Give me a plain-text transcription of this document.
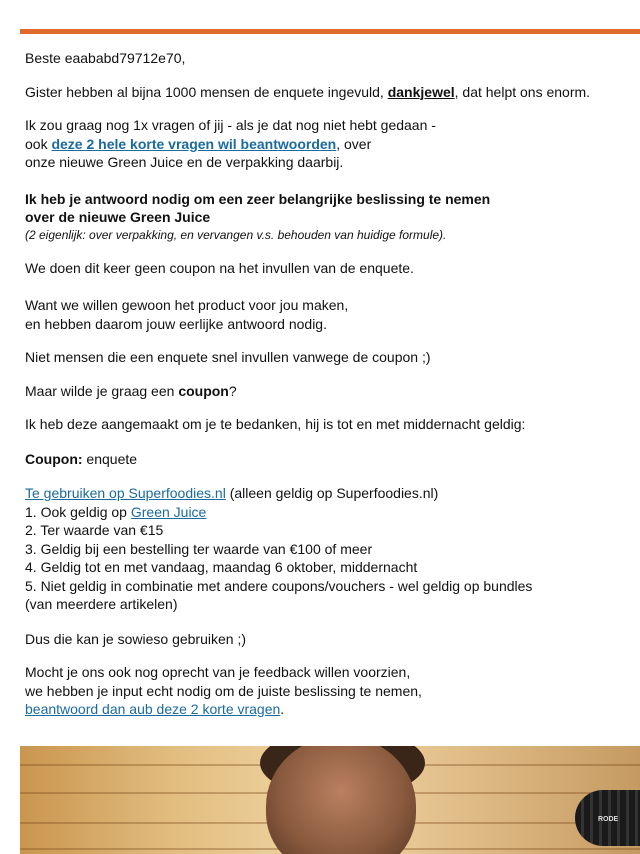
Beste eaababd79712e70,

Gister hebben al bijna 1000 mensen de enquete ingevuld, dankjewel, dat helpt ons enorm.

Ik zou graag nog 1x vragen of jij - als je dat nog niet hebt gedaan -
ook deze 2 hele korte vragen wil beantwoorden, over
onze nieuwe Green Juice en de verpakking daarbij.

Ik heb je antwoord nodig om een zeer belangrijke beslissing te nemen
over de nieuwe Green Juice

(2 eigenlijk: over verpakking, en vervangen v.s. behouden van huidige formule).

We doen dit keer geen coupon na het invullen van de enquete.

Want we willen gewoon het product voor jou maken,
en hebben daarom jouw eerlijke antwoord nodig.

Niet mensen die een enquete snel invullen vanwege de coupon ;)

Maar wilde je graag een coupon?

Ik heb deze aangemaakt om je te bedanken, hij is tot en met middernacht geldig:

Coupon: enquete

Te gebruiken op Superfoodies.nl (alleen geldig op Superfoodies.nl)
1. Ook geldig op Green Juice
2. Ter waarde van €15
3. Geldig bij een bestelling ter waarde van €100 of meer
4. Geldig tot en met vandaag, maandag 6 oktober, middernacht
5. Niet geldig in combinatie met andere coupons/vouchers - wel geldig op bundles
(van meerdere artikelen)

Dus die kan je sowieso gebruiken ;)

Mocht je ons ook nog oprecht van je feedback willen voorzien,
we hebben je input echt nodig om de juiste beslissing te nemen,
beantwoord dan aub deze 2 korte vragen.

RODE
